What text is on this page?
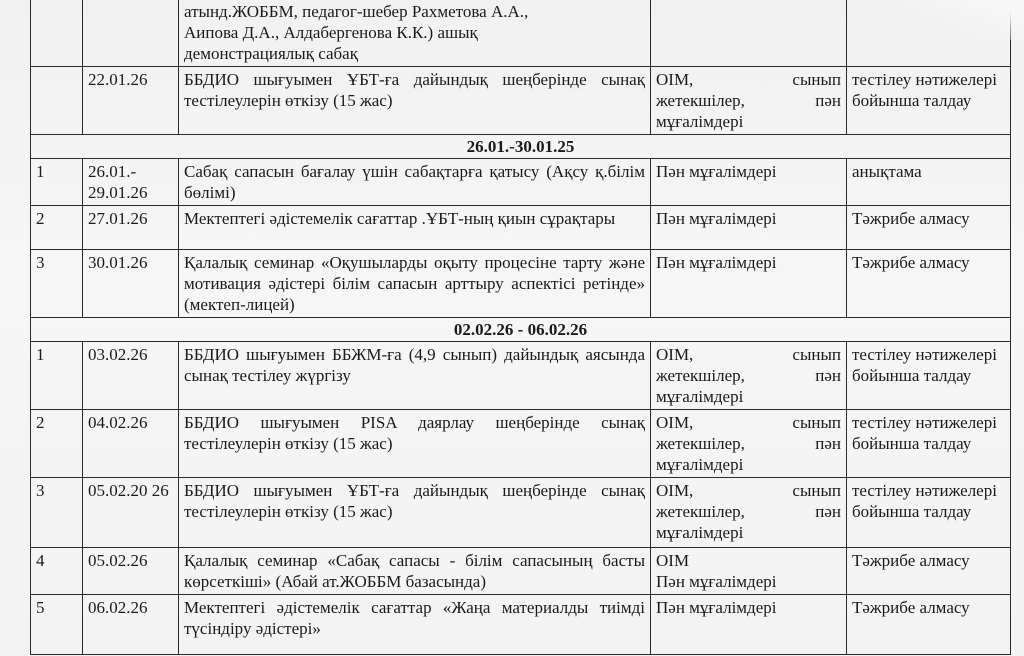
		атынд.ЖОББМ, педагог-шебер Рахметова А.А.,
Аипова Д.А., Алдабергенова К.К.) ашық
демонстрациялық сабақ		

	22.01.26	ББДИО шығуымен ҰБТ-ға дайындық шеңберінде сынақ тестілеулерін өткізу (15 жас)	ОІМ, сынып
жетекшілер, пән
мұғалімдері	тестілеу нәтижелері бойынша талдау
26.01.-30.01.25				
1	26.01.- 29.01.26	Сабақ сапасын бағалау үшін сабақтарға қатысу (Ақсу қ.білім бөлімі)	Пән мұғалімдері	анықтама
2	27.01.26	Мектептегі әдістемелік сағаттар .ҰБТ-ның қиын сұрақтары	Пән мұғалімдері	Тәжрибе алмасу
3	30.01.26	Қалалық семинар «Оқушыларды оқыту процесіне тарту және мотивация әдістері білім сапасын арттыру аспектісі ретінде» (мектеп-лицей)	Пән мұғалімдері	Тәжрибе алмасу
02.02.26 - 06.02.26				
1	03.02.26	ББДИО шығуымен ББЖМ-ға (4,9 сынып) дайындық аясында сынақ тестілеу жүргізу	ОІМ, сынып
жетекшілер, пән
мұғалімдері	тестілеу нәтижелері бойынша талдау
2	04.02.26	ББДИО шығуымен PISA даярлау шеңберінде сынақ тестілеулерін өткізу (15 жас)	ОІМ, сынып
жетекшілер, пән
мұғалімдері	тестілеу нәтижелері бойынша талдау
3	05.02.20 26	ББДИО шығуымен ҰБТ-ға дайындық шеңберінде сынақ тестілеулерін өткізу (15 жас)	ОІМ, сынып
жетекшілер, пән
мұғалімдері	тестілеу нәтижелері бойынша талдау
4	05.02.26	Қалалық семинар «Сабақ сапасы - білім сапасының басты көрсеткіші» (Абай ат.ЖОББМ базасында)	ОІМ
Пән мұғалімдері	Тәжрибе алмасу
5	06.02.26	Мектептегі әдістемелік сағаттар «Жаңа материалды тиімді түсіндіру әдістері»	Пән мұғалімдері	Тәжрибе алмасу
